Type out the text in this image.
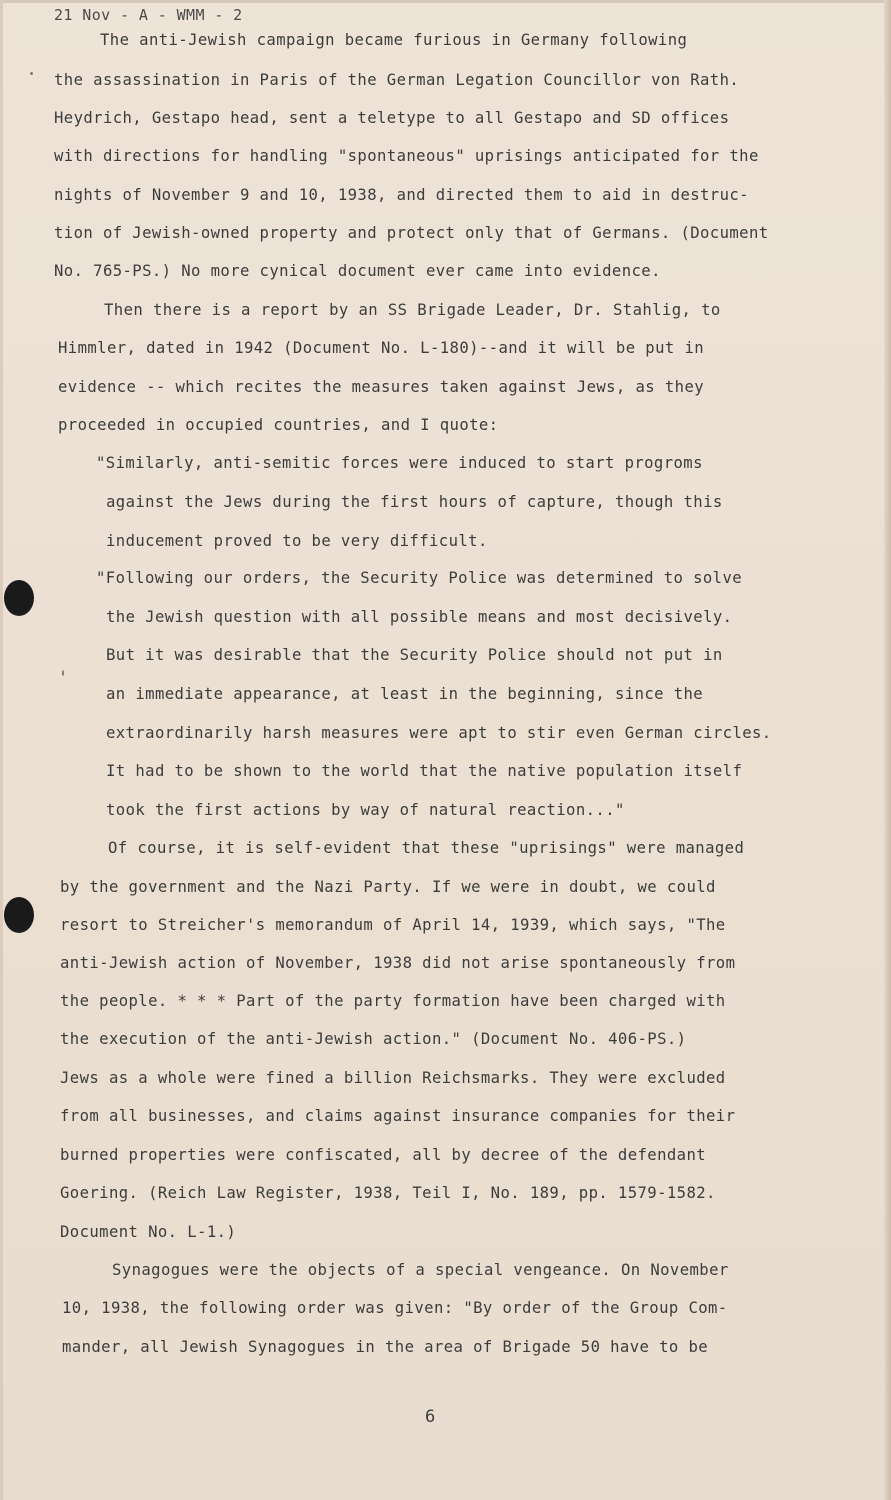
21 Nov - A - WMM - 2
The anti-Jewish campaign became furious in Germany following
the assassination in Paris of the German Legation Councillor von Rath.
Heydrich, Gestapo head, sent a teletype to all Gestapo and SD offices
with directions for handling "spontaneous" uprisings anticipated for the
nights of November 9 and 10, 1938, and directed them to aid in destruc-
tion of Jewish-owned property and protect only that of Germans. (Document
No. 765-PS.) No more cynical document ever came into evidence.
Then there is a report by an SS Brigade Leader, Dr. Stahlig, to
Himmler, dated in 1942 (Document No. L-180)--and it will be put in
evidence -- which recites the measures taken against Jews, as they
proceeded in occupied countries, and I quote:
"Similarly, anti-semitic forces were induced to start progroms
against the Jews during the first hours of capture, though this
inducement proved to be very difficult.
"Following our orders, the Security Police was determined to solve
the Jewish question with all possible means and most decisively.
But it was desirable that the Security Police should not put in
an immediate appearance, at least in the beginning, since the
extraordinarily harsh measures were apt to stir even German circles.
It had to be shown to the world that the native population itself
took the first actions by way of natural reaction..."
Of course, it is self-evident that these "uprisings" were managed
by the government and the Nazi Party. If we were in doubt, we could
resort to Streicher's memorandum of April 14, 1939, which says, "The
anti-Jewish action of November, 1938 did not arise spontaneously from
the people. * * * Part of the party formation have been charged with
the execution of the anti-Jewish action." (Document No. 406-PS.)
Jews as a whole were fined a billion Reichsmarks. They were excluded
from all businesses, and claims against insurance companies for their
burned properties were confiscated, all by decree of the defendant
Goering. (Reich Law Register, 1938, Teil I, No. 189, pp. 1579-1582.
Document No. L-1.)
Synagogues were the objects of a special vengeance. On November
10, 1938, the following order was given: "By order of the Group Com-
mander, all Jewish Synagogues in the area of Brigade 50 have to be
6
